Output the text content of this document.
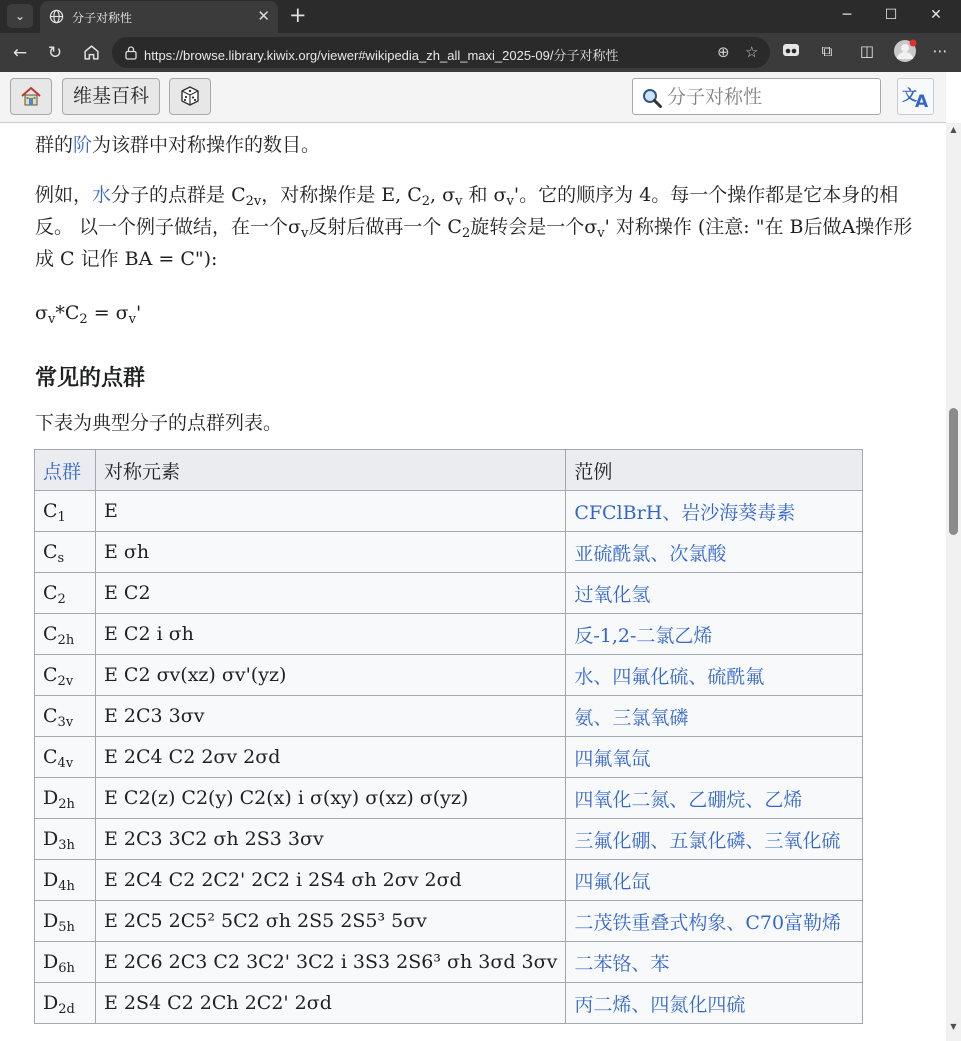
⌄	分子对称性	✕ +	─	☐	✕
←	↻	https://browse.library.kiwix.org/viewer#wikipedia_zh_all_maxi_2025-09/分子对称性	⊕ ☆	⧉	◫	⋯
维基百科
分子对称性	文
A
群的阶为该群中对称操作的数目。
例如，水分子的点群是 $C_{2v}$，对称操作是 E, $C_2$, $\sigma_v$ 和 $\sigma_v'$。它的顺序为 4。每一个操作都是它本身的相反。 以一个例子做结，在一个$\sigma_v$反射后做再一个 $C_2$旋转会是一个$\sigma_v'$ 对称操作 (注意: "在 B后做A操作形成 C 记作 BA = C"):
$\sigma_v*C_2 = \sigma_v'$
常见的点群
下表为典型分子的点群列表。
点群	对称元素	范例
$C_1$	E	CFClBrH、岩沙海葵毒素
$C_s$	E σh	亚硫酰氯、次氯酸
$C_2$	E C2	过氧化氢
$C_{2h}$	E C2 i σh	反-1,2-二氯乙烯
$C_{2v}$	E C2 σv(xz) σv'(yz)	水、四氟化硫、硫酰氟
$C_{3v}$	E 2C3 3σv	氨、三氯氧磷
$C_{4v}$	E 2C4 C2 2σv 2σd	四氟氧氙
$D_{2h}$	E C2(z) C2(y) C2(x) i σ(xy) σ(xz) σ(yz)	四氧化二氮、乙硼烷、乙烯
$D_{3h}$	E 2C3 3C2 σh 2S3 3σv	三氟化硼、五氯化磷、三氧化硫
$D_{4h}$	E 2C4 C2 2C2' 2C2 i 2S4 σh 2σv 2σd	四氟化氙
$D_{5h}$	E 2C5 2C5² 5C2 σh 2S5 2S5³ 5σv	二茂铁重叠式构象、C70富勒烯
$D_{6h}$	E 2C6 2C3 C2 3C2' 3C2 i 3S3 2S6³ σh 3σd 3σv	二苯铬、苯
$D_{2d}$	E 2S4 C2 2Ch 2C2' 2σd	丙二烯、四氮化四硫
▲
▼
